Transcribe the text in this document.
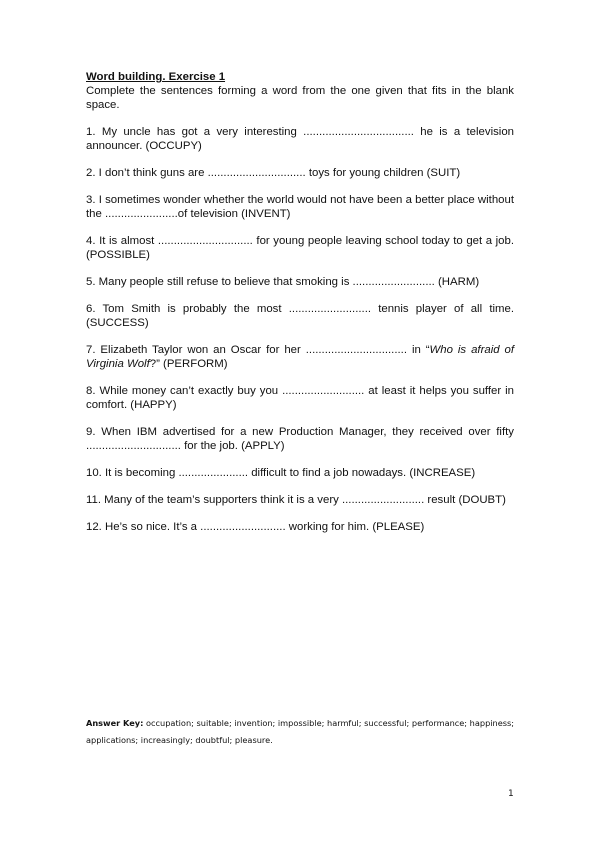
Word building. Exercise 1

Complete the sentences forming a word from the one given that fits in the blank space.

1. My uncle has got a very interesting ................................... he is a television announcer. (OCCUPY)
2. I don’t think guns are ............................... toys for young children (SUIT)
3. I sometimes wonder whether the world would not have been a better place without the .......................of television (INVENT)
4. It is almost .............................. for young people leaving school today to get a job. (POSSIBLE)
5. Many people still refuse to believe that smoking is .......................... (HARM)
6. Tom Smith is probably the most .......................... tennis player of all time. (SUCCESS)
7. Elizabeth Taylor won an Oscar for her ................................ in “Who is afraid of Virginia Wolf?” (PERFORM)
8. While money can’t exactly buy you .......................... at least it helps you suffer in comfort. (HAPPY)
9. When IBM advertised for a new Production Manager, they received over fifty .............................. for the job. (APPLY)
10. It is becoming ...................... difficult to find a job nowadays. (INCREASE)
11. Many of the team’s supporters think it is a very .......................... result (DOUBT)
12. He’s so nice. It’s a ........................... working for him. (PLEASE)
Answer Key: occupation; suitable; invention; impossible; harmful; successful; performance; happiness; applications; increasingly; doubtful; pleasure.
1
